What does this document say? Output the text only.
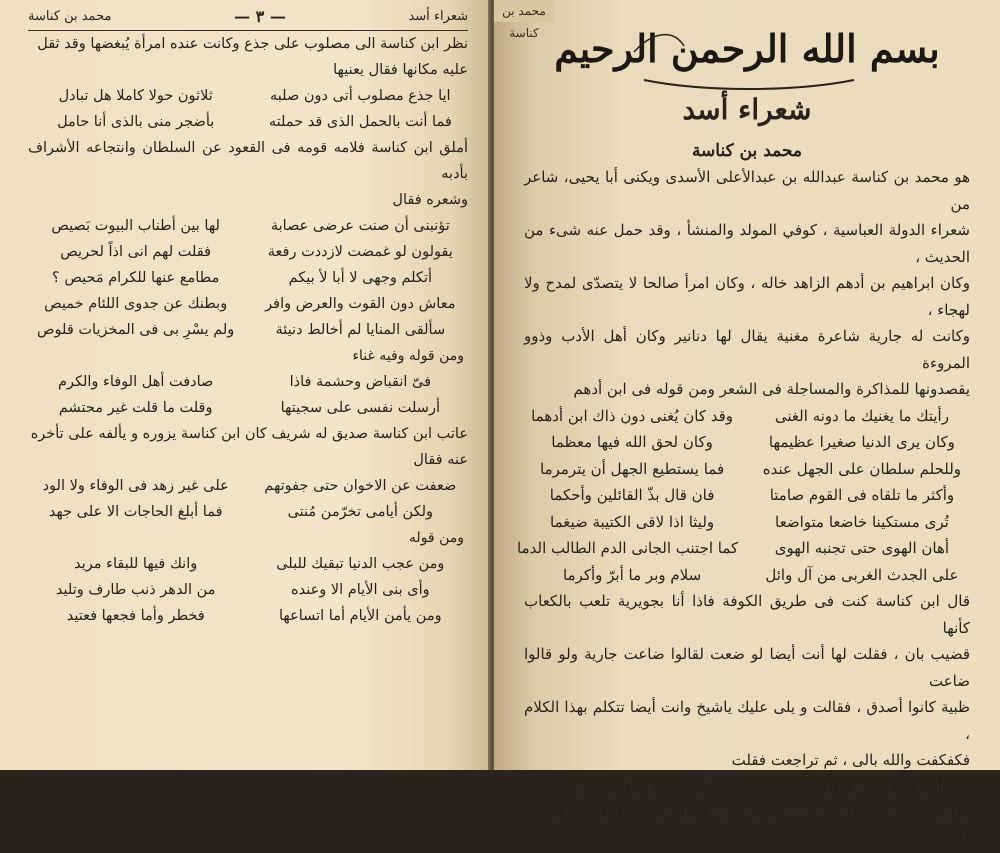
شعراء أسد
— ٣ —
محمد بن كناسة
نظر ابن كناسة الى مصلوب على جذع وكانت عنده امرأة يُبغضها وقد ثقل
عليه مكانها فقال يعنيها
ايا جذع مصلوب أتى دون صلبه
ثلاثون حولا كاملا هل تبادل
فما أنت بالحمل الذى قد حملته
بأضجر منى بالذى أنا حامل
أملق ابن كناسة فلامه قومه فى القعود عن السلطان وانتجاعه الأشراف بأدبه
وشعره فقال
تؤنبنى أن صنت عرضى عصابة
لها بين أطناب البيوت بَصيص
يقولون لو غمضت لازددت رفعة
فقلت لهم انى اذاً لحريص
أتكلم وجهى لا أبا لأ بيكم
مطامع عنها للكرام مَحيص ؟
معاش دون القوت والعرض وافر
وبطنك عن جدوى اللئام خميص
سألقى المنايا لم أخالط دنيئة
ولم يسْرِ بى فى المخزيات قلوص
ومن قوله وفيه غناء
فىّ انقباض وحشمة فاذا
صادفت أهل الوفاء والكرم
أرسلت نفسى على سجيتها
وقلت ما قلت غير محتشم
عاتب ابن كناسة صديق له شريف كان ابن كناسة يزوره و يألفه على تأخره
عنه فقال
ضعفت عن الاخوان حتى جفوتهم
على غير زهد فى الوفاء ولا الود
ولكن أيامى تخرّمن مُنتى
فما أبلغ الحاجات الا على جهد
ومن قوله
ومن عجب الدنيا تبقيك للبلى
وانك فيها للبقاء مريد
وأى بنى الأيام الا وعنده
من الدهر ذنب طارف وتليد
ومن يأمن الأيام أما اتساعها
فخطر وأما فجعها فعتيد
محمد بن كناسة بسم الله الرحمن الرحيم
شعراء أسد
محمد بن كناسة
هو محمد بن كناسة عبدالله بن عبدالأعلى الأسدى ويكنى أبا يحيى، شاعر من
شعراء الدولة العباسية ، كوفي المولد والمنشأ ، وقد حمل عنه شىء من الحديث ،
وكان ابراهيم بن أدهم الزاهد خاله ، وكان امرأ صالحا لا يتصدّى لمدح ولا لهجاء ،
وكانت له جارية شاعرة مغنية يقال لها دنانير وكان أهل الأدب وذوو المروءة
يقصدونها للمذاكرة والمساجلة فى الشعر ومن قوله فى ابن أدهم
رأيتك ما يغنيك ما دونه الغنى
وقد كان يُغنى دون ذاك ابن أدهما
وكان يرى الدنيا صغيرا عظيمها
وكان لحق الله فيها معظما
وللحلم سلطان على الجهل عنده
فما يستطيع الجهل أن يترمرما
وأكثر ما تلقاه فى القوم صامتا
فان قال بذّ القائلين وأحكما
تُرى مستكينا خاضعا متواضعا
وليثا اذا لاقى الكتيبة ضيغما
أهان الهوى حتى تجنبه الهوى
كما اجتنب الجانى الدم الطالب الدما
على الجدث الغربى من آل وائل
سلام وبر ما أبرّ وأكرما
قال ابن كناسة كنت فى طريق الكوفة فاذا أنا بجويرية تلعب بالكعاب كأنها
قضيب بان ، فقلت لها أنت أيضا لو ضعت لقالوا ضاعت جارية ولو قالوا ضاعت
ظبية كانوا أصدق ، فقالت و يلى عليك ياشيخ وانت أيضا تتكلم بهذا الكلام ،
فكفكفت والله بالى ، ثم تراجعت فقلت
وانى لحلو مخبرى ان خبرتنى
ولكن تقطعى ولا ريب بى شيخ
فقالت لى وهى تلعب وتبسمت فما أصنع بك أنا اذاً ؟ فقلت لاشىء وانصرفت
